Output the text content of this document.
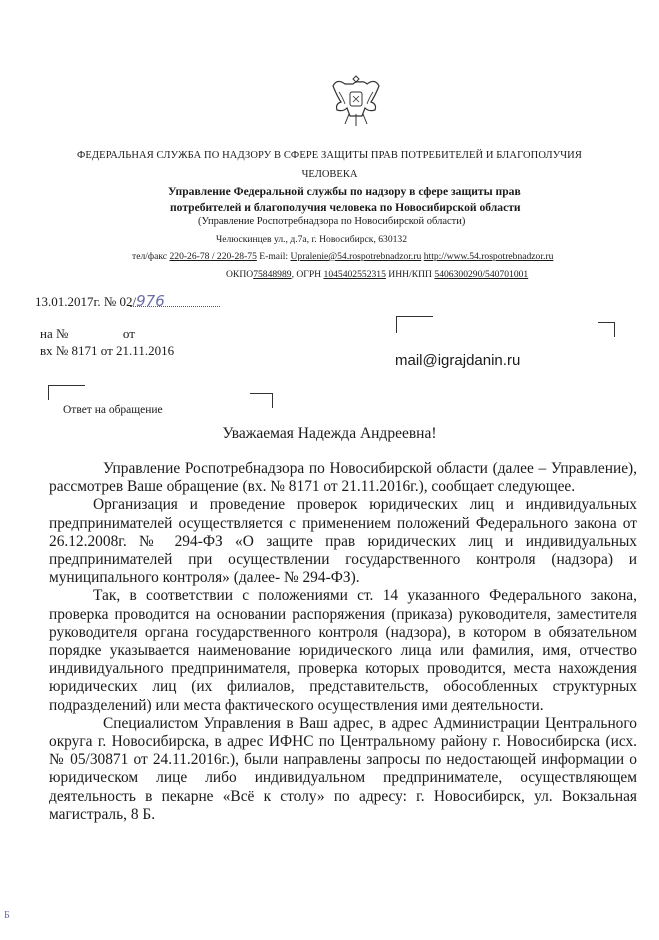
ФЕДЕРАЛЬНАЯ СЛУЖБА ПО НАДЗОРУ В СФЕРЕ ЗАЩИТЫ ПРАВ ПОТРЕБИТЕЛЕЙ И БЛАГОПОЛУЧИЯ
ЧЕЛОВЕКА
Управление Федеральной службы по надзору в сфере защиты прав
потребителей и благополучия человека по Новосибирской области
(Управление Роспотребнадзора по Новосибирской области)
Челюскинцев ул., д.7а, г. Новосибирск, 630132
тел/факс 220-26-78 / 220-28-75 E-mail: Upralenie@54.rospotrebnadzor.ru http://www.54.rospotrebnadzor.ru
ОКПО75848989, ОГРН 1045402552315 ИНН/КПП 5406300290/540701001
13.01.2017г. № 02/976
на №	от
вх № 8171 от 21.11.2016
mail@igrajdanin.ru
Ответ на обращение
Уважаемая Надежда Андреевна!

Управление Роспотребнадзора по Новосибирской области (далее – Управление), рассмотрев Ваше обращение (вх. № 8171 от 21.11.2016г.), сообщает следующее.

Организация и проведение проверок юридических лиц и индивидуальных предпринимателей осуществляется с применением положений Федерального закона от 26.12.2008г. № 294-ФЗ «О защите прав юридических лиц и индивидуальных предпринимателей при осуществлении государственного контроля (надзора) и муниципального контроля» (далее- № 294-ФЗ).

Так, в соответствии с положениями ст. 14 указанного Федерального закона, проверка проводится на основании распоряжения (приказа) руководителя, заместителя руководителя органа государственного контроля (надзора), в котором в обязательном порядке указывается наименование юридического лица или фамилия, имя, отчество индивидуального предпринимателя, проверка которых проводится, места нахождения юридических лиц (их филиалов, представительств, обособленных структурных подразделений) или места фактического осуществления ими деятельности.

Специалистом Управления в Ваш адрес, в адрес Администрации Центрального округа г. Новосибирска, в адрес ИФНС по Центральному району г. Новосибирска (исх. № 05/30871 от 24.11.2016г.), были направлены запросы по недостающей информации о юридическом лице либо индивидуальном предпринимателе, осуществляющем деятельность в пекарне «Всё к столу» по адресу: г. Новосибирск, ул. Вокзальная магистраль, 8 Б.

Б
